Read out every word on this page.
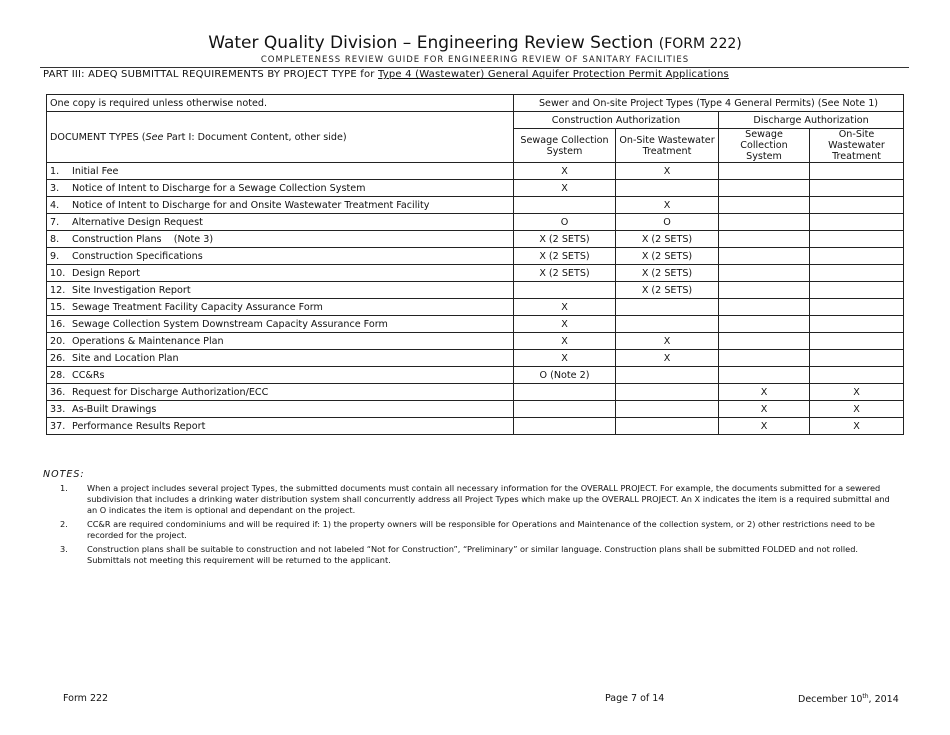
Water Quality Division – Engineering Review Section (FORM 222)
COMPLETENESS REVIEW GUIDE FOR ENGINEERING REVIEW OF SANITARY FACILITIES
PART III: ADEQ SUBMITTAL REQUIREMENTS BY PROJECT TYPE for Type 4 (Wastewater) General Aquifer Protection Permit Applications
One copy is required unless otherwise noted.	Sewer and On-site Project Types (Type 4 General Permits) (See Note 1)			
DOCUMENT TYPES (See Part I: Document Content, other side)	Construction Authorization		Discharge Authorization	
	Sewage Collection System	On-Site Wastewater Treatment	Sewage Collection System	On-Site Wastewater Treatment
1. Initial Fee	X	X		
3. Notice of Intent to Discharge for a Sewage Collection System	X			
4. Notice of Intent to Discharge for and Onsite Wastewater Treatment Facility		X		
7. Alternative Design Request	O	O		
8. Construction Plans    (Note 3)	X (2 SETS)	X (2 SETS)		
9. Construction Specifications	X (2 SETS)	X (2 SETS)		
10. Design Report	X (2 SETS)	X (2 SETS)		
12. Site Investigation Report		X (2 SETS)		
15. Sewage Treatment Facility Capacity Assurance Form	X			
16. Sewage Collection System Downstream Capacity Assurance Form	X			
20. Operations & Maintenance Plan	X	X		
26. Site and Location Plan	X	X		
28. CC&Rs	O (Note 2)			
36. Request for Discharge Authorization/ECC			X	X
33. As-Built Drawings			X	X
37. Performance Results Report			X	X
NOTES:
1.	When a project includes several project Types, the submitted documents must contain all necessary information for the OVERALL PROJECT. For example, the documents submitted for a sewered subdivision that includes a drinking water distribution system shall concurrently address all Project Types which make up the OVERALL PROJECT. An X indicates the item is a required submittal and an O indicates the item is optional and dependant on the project.
2.	CC&R are required condominiums and will be required if: 1) the property owners will be responsible for Operations and Maintenance of the collection system, or 2) other restrictions need to be recorded for the project.
3.	Construction plans shall be suitable to construction and not labeled “Not for Construction”, “Preliminary” or similar language. Construction plans shall be submitted FOLDED and not rolled. Submittals not meeting this requirement will be returned to the applicant.
Form 222	Page 7 of 14	December 10th, 2014
